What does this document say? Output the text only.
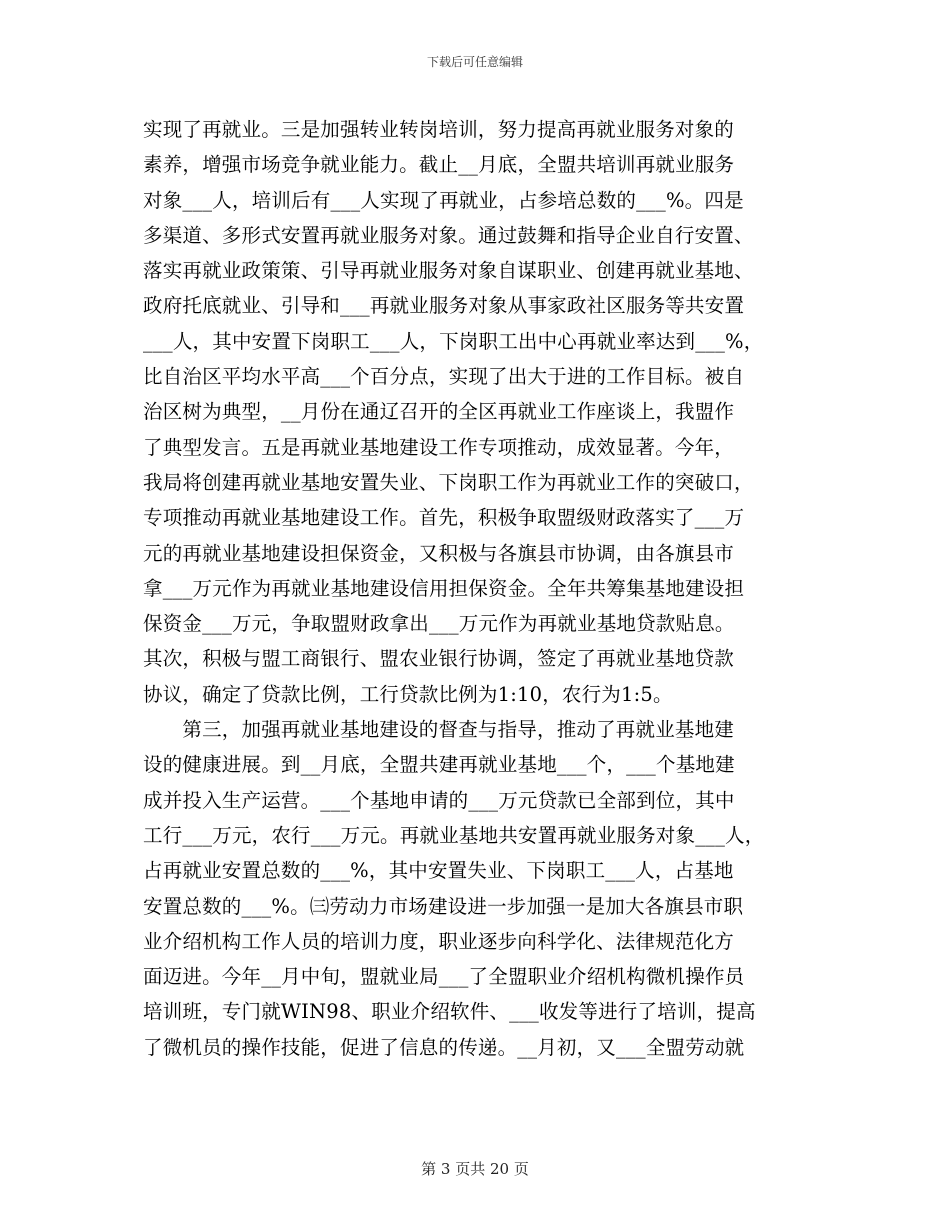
下载后可任意编辑
实现了再就业。三是加强转业转岗培训，努力提高再就业服务对象的
素养，增强市场竞争就业能力。截止__月底，全盟共培训再就业服务
对象___人，培训后有___人实现了再就业，占参培总数的___%。四是
多渠道、多形式安置再就业服务对象。通过鼓舞和指导企业自行安置、
落实再就业政策策、引导再就业服务对象自谋职业、创建再就业基地、
政府托底就业、引导和___再就业服务对象从事家政社区服务等共安置
___人，其中安置下岗职工___人，下岗职工出中心再就业率达到___%，
比自治区平均水平高___个百分点，实现了出大于进的工作目标。被自
治区树为典型，__月份在通辽召开的全区再就业工作座谈上，我盟作
了典型发言。五是再就业基地建设工作专项推动，成效显著。今年，
我局将创建再就业基地安置失业、下岗职工作为再就业工作的突破口，
专项推动再就业基地建设工作。首先，积极争取盟级财政落实了___万
元的再就业基地建设担保资金，又积极与各旗县市协调，由各旗县市
拿___万元作为再就业基地建设信用担保资金。全年共筹集基地建设担
保资金___万元，争取盟财政拿出___万元作为再就业基地贷款贴息。
其次，积极与盟工商银行、盟农业银行协调，签定了再就业基地贷款
协议，确定了贷款比例，工行贷款比例为1:10，农行为1:5。
　　第三，加强再就业基地建设的督查与指导，推动了再就业基地建
设的健康进展。到__月底，全盟共建再就业基地___个，___个基地建
成并投入生产运营。___个基地申请的___万元贷款已全部到位，其中
工行___万元，农行___万元。再就业基地共安置再就业服务对象___人，
占再就业安置总数的___%，其中安置失业、下岗职工___人，占基地
安置总数的___%。㈢劳动力市场建设进一步加强一是加大各旗县市职
业介绍机构工作人员的培训力度，职业逐步向科学化、法律规范化方
面迈进。今年__月中旬，盟就业局___了全盟职业介绍机构微机操作员
培训班，专门就WIN98、职业介绍软件、___收发等进行了培训，提高
了微机员的操作技能，促进了信息的传递。__月初，又___全盟劳动就
第 3 页共 20 页
